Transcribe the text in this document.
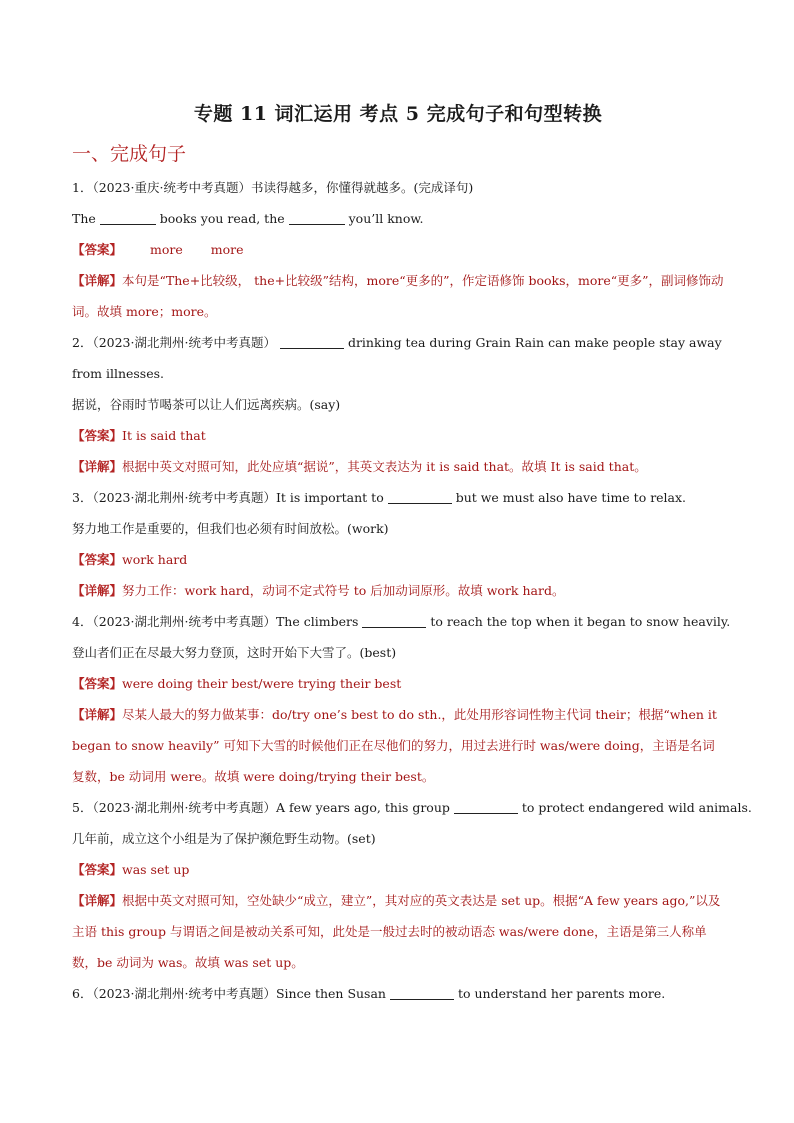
专题 11 词汇运用 考点 5 完成句子和句型转换
一、完成句子
1．（2023·重庆·统考中考真题）书读得越多，你懂得就越多。(完成译句)
The	books you read, the	you’ll know.
【答案】 more more
【详解】本句是“The+比较级， the+比较级”结构，more“更多的”，作定语修饰 books，more“更多”，副词修饰动词。故填 more；more。
2．（2023·湖北荆州·统考中考真题）	drinking tea during Grain Rain can make people stay away from illnesses.
据说，谷雨时节喝茶可以让人们远离疾病。(say)
【答案】It is said that
【详解】根据中英文对照可知，此处应填“据说”，其英文表达为 it is said that。故填 It is said that。
3．（2023·湖北荆州·统考中考真题）It is important to	but we must also have time to relax.
努力地工作是重要的，但我们也必须有时间放松。(work)
【答案】work hard
【详解】努力工作：work hard，动词不定式符号 to 后加动词原形。故填 work hard。
4．（2023·湖北荆州·统考中考真题）The climbers	to reach the top when it began to snow heavily.
登山者们正在尽最大努力登顶，这时开始下大雪了。(best)
【答案】were doing their best/were trying their best
【详解】尽某人最大的努力做某事：do/try one’s best to do sth.，此处用形容词性物主代词 their；根据“when it began to snow heavily” 可知下大雪的时候他们正在尽他们的努力，用过去进行时 was/were doing，主语是名词复数，be 动词用 were。故填 were doing/trying their best。
5．（2023·湖北荆州·统考中考真题）A few years ago, this group	to protect endangered wild animals.
几年前，成立这个小组是为了保护濒危野生动物。(set)
【答案】was set up
【详解】根据中英文对照可知，空处缺少“成立，建立”，其对应的英文表达是 set up。根据“A few years ago,”以及主语 this group 与谓语之间是被动关系可知，此处是一般过去时的被动语态 was/were done，主语是第三人称单数，be 动词为 was。故填 was set up。
6．（2023·湖北荆州·统考中考真题）Since then Susan	to understand her parents more.
